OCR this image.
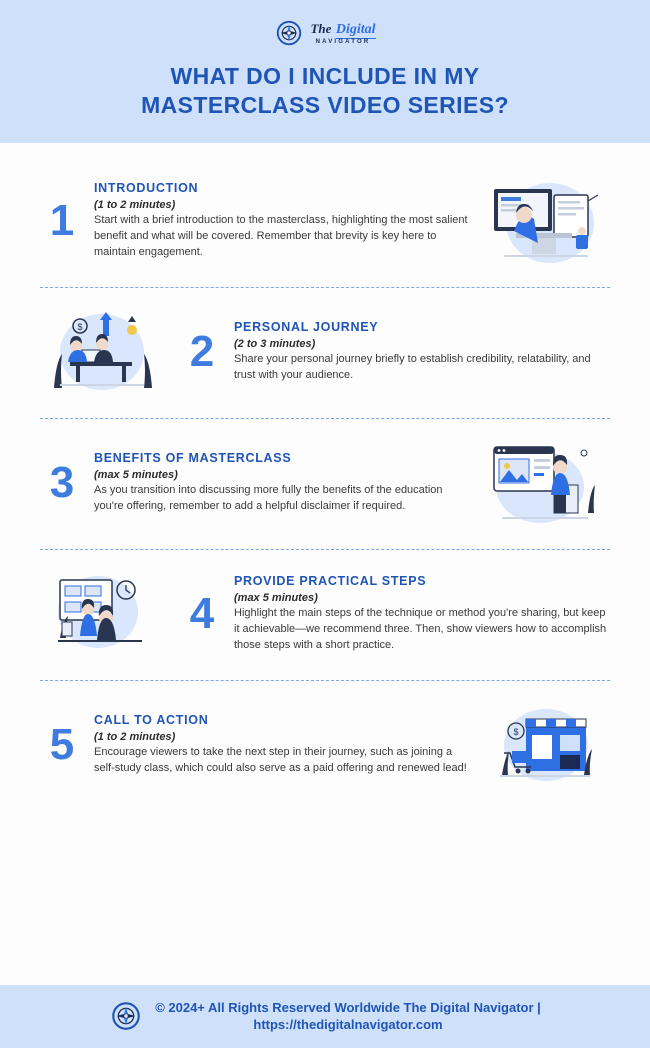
The Digital
NAVIGATOR
WHAT DO I INCLUDE IN MY
MASTERCLASS VIDEO SERIES?
1
INTRODUCTION

(1 to 2 minutes)

Start with a brief introduction to the masterclass, highlighting the most salient benefit and what will be covered. Remember that brevity is key here to maintain engagement.

PERSONAL JOURNEY

(2 to 3 minutes)

Share your personal journey briefly to establish credibility, relatability, and trust with your audience.

2
$
3	BENEFITS OF MASTERCLASS

(max 5 minutes)

As you transition into discussing more fully the benefits of the education you're offering, remember to add a helpful disclaimer if required.

PROVIDE PRACTICAL STEPS

(max 5 minutes)

Highlight the main steps of the technique or method you're sharing, but keep it achievable—we recommend three. Then, show viewers how to accomplish those steps with a short practice.

4
5	CALL TO ACTION

(1 to 2 minutes)

Encourage viewers to take the next step in their journey, such as joining a self-study class, which could also serve as a paid offering and renewed lead!

$
© 2024+ All Rights Reserved Worldwide The Digital Navigator |
https://thedigitalnavigator.com
